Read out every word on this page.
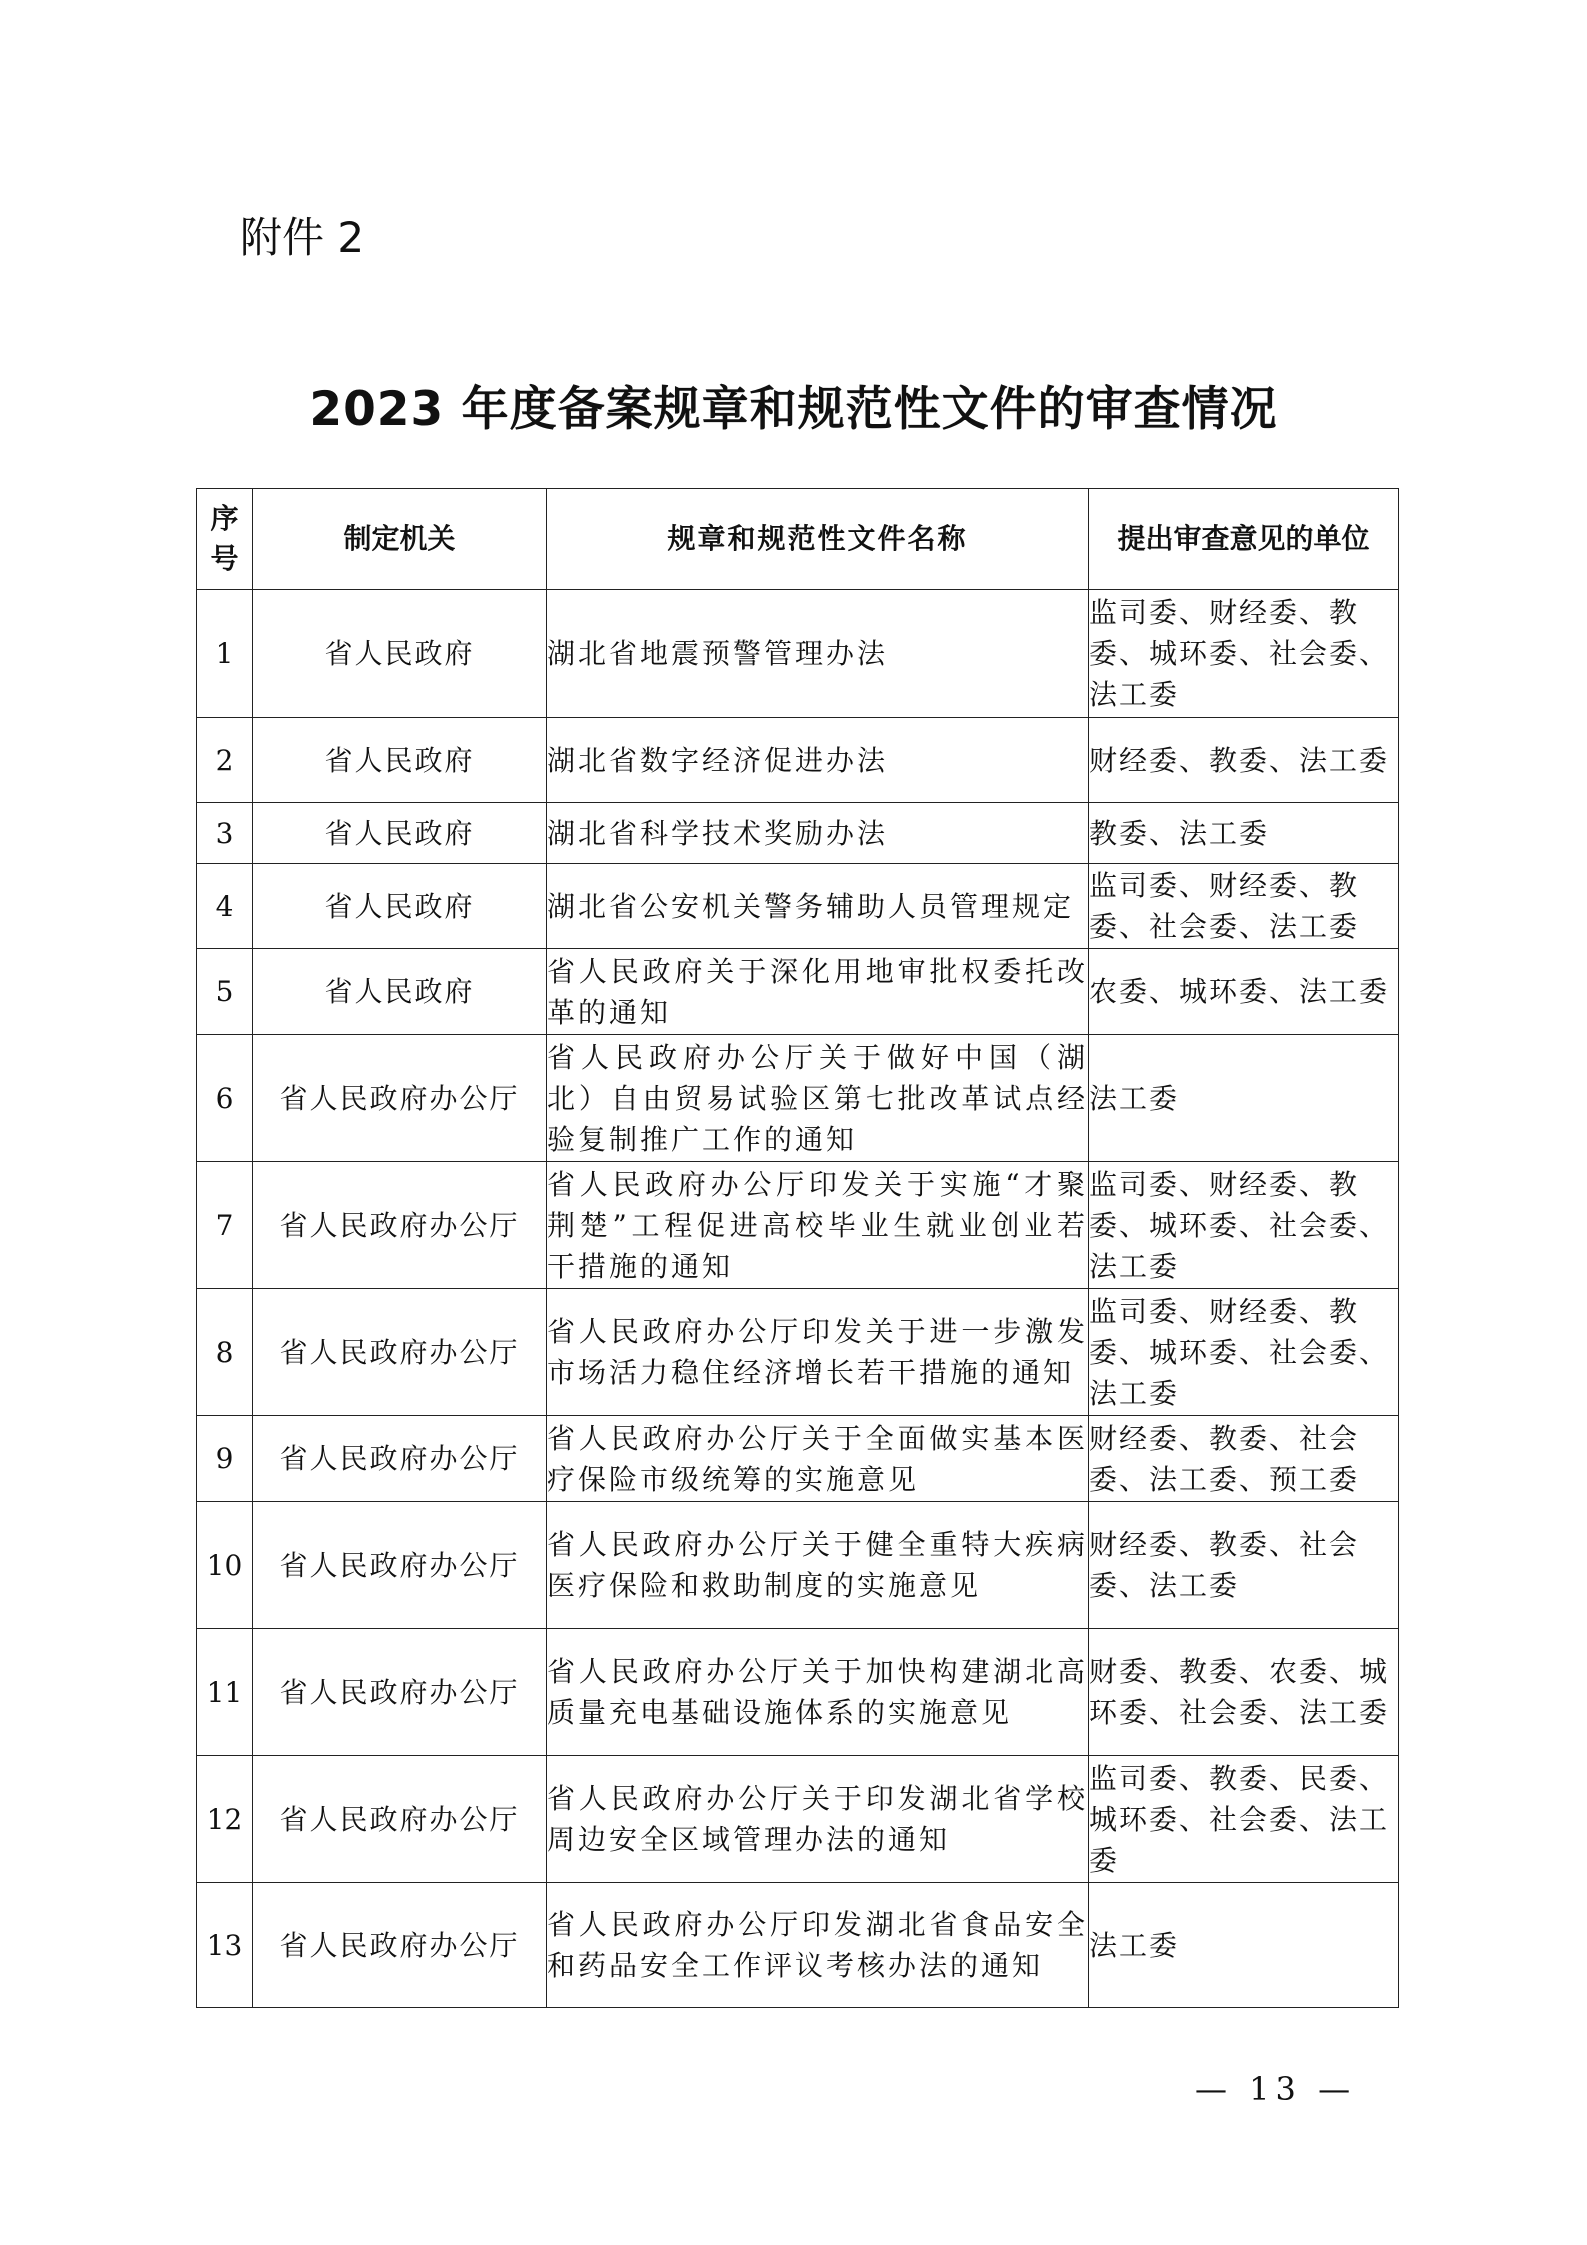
附件 2
2023 年度备案规章和规范性文件的审查情况
序号	制定机关	规章和规范性文件名称	提出审查意见的单位
1	省人民政府	湖北省地震预警管理办法	监司委、财经委、教委、城环委、社会委、法工委
2	省人民政府	湖北省数字经济促进办法	财经委、教委、法工委
3	省人民政府	湖北省科学技术奖励办法	教委、法工委
4	省人民政府	湖北省公安机关警务辅助人员管理规定	监司委、财经委、教委、社会委、法工委
5	省人民政府	省人民政府关于深化用地审批权委托改革的通知	农委、城环委、法工委
6	省人民政府办公厅	省人民政府办公厅关于做好中国（湖北）自由贸易试验区第七批改革试点经验复制推广工作的通知	法工委
7	省人民政府办公厅	省人民政府办公厅印发关于实施“才聚荆楚”工程促进高校毕业生就业创业若干措施的通知	监司委、财经委、教委、城环委、社会委、法工委
8	省人民政府办公厅	省人民政府办公厅印发关于进一步激发市场活力稳住经济增长若干措施的通知	监司委、财经委、教委、城环委、社会委、法工委
9	省人民政府办公厅	省人民政府办公厅关于全面做实基本医疗保险市级统筹的实施意见	财经委、教委、社会委、法工委、预工委
10	省人民政府办公厅	省人民政府办公厅关于健全重特大疾病医疗保险和救助制度的实施意见	财经委、教委、社会委、法工委
11	省人民政府办公厅	省人民政府办公厅关于加快构建湖北高质量充电基础设施体系的实施意见	财委、教委、农委、城环委、社会委、法工委
12	省人民政府办公厅	省人民政府办公厅关于印发湖北省学校周边安全区域管理办法的通知	监司委、教委、民委、城环委、社会委、法工委
13	省人民政府办公厅	省人民政府办公厅印发湖北省食品安全和药品安全工作评议考核办法的通知	法工委
— 13 —
